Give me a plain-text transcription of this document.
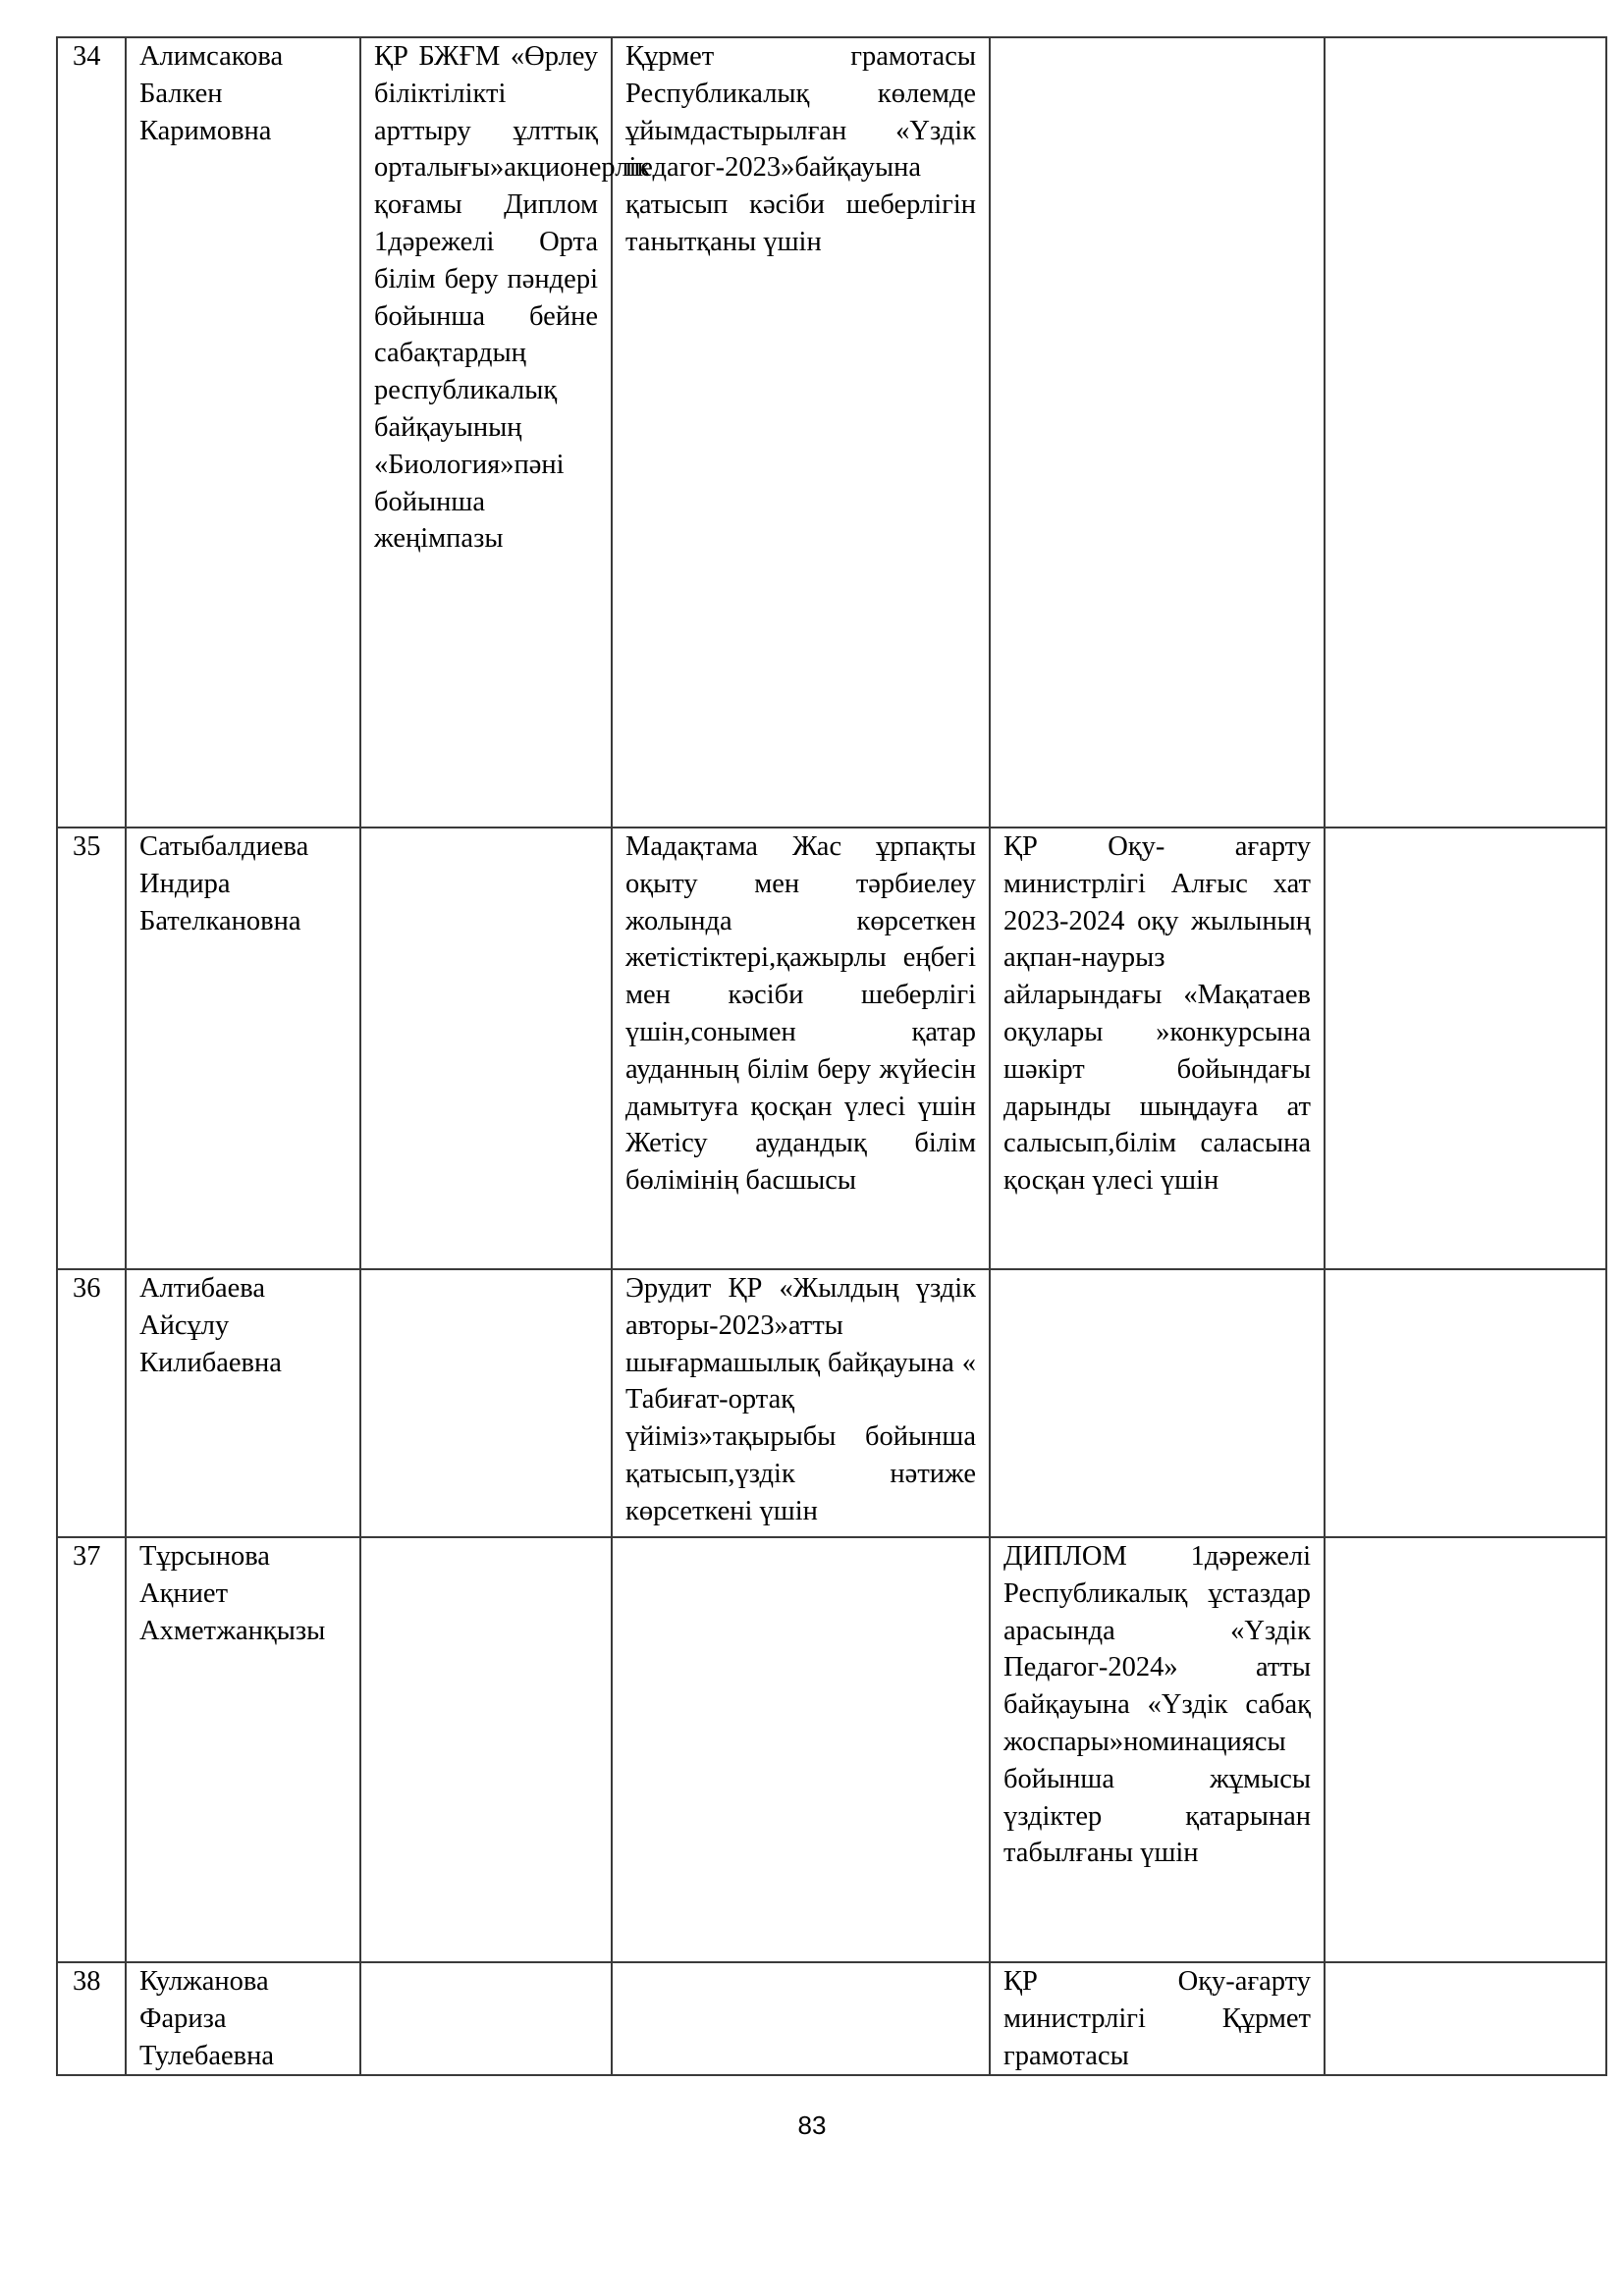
34	Алимсакова Балкен Каримовна	ҚР БЖҒМ «Өрлеу біліктілікті арттыру ұлттық орталығы»акционерлік қоғамы Диплом 1дәрежелі Орта білім беру пәндері бойынша бейне сабақтардың республикалық байқауының «Биология»пәні бойынша жеңімпазы	Құрмет грамотасы Республикалық көлемде ұйымдастырылған «Үздік педагог-2023»байқауына қатысып кәсіби шеберлігін танытқаны үшін		
35	Сатыбалдиева Индира Бателкановна		Мадақтама Жас ұрпақты оқыту мен тәрбиелеу жолында көрсеткен жетістіктері,қажырлы еңбегі мен кәсіби шеберлігі үшін,сонымен қатар ауданның білім беру жүйесін дамытуға қосқан үлесі үшін Жетісу аудандық білім бөлімінің басшысы	ҚР Оқу- ағарту министрлігі Алғыс хат 2023-2024 оқу жылының ақпан-наурыз айларындағы «Мақатаев оқулары »конкурсына шәкірт бойындағы дарынды шыңдауға ат салысып,білім саласына қосқан үлесі үшін	
36	Алтибаева Айсұлу Килибаевна		Эрудит ҚР «Жылдың үздік авторы-2023»атты шығармашылық байқауына « Табиғат-ортақ үйіміз»тақырыбы бойынша қатысып,үздік нәтиже көрсеткені үшін		
37	Тұрсынова Ақниет Ахметжанқызы			ДИПЛОМ 1дәрежелі Республикалық ұстаздар арасында «Үздік Педагог-2024» атты байқауына «Үздік сабақ жоспары»номинациясы бойынша жұмысы үздіктер қатарынан табылғаны үшін	
38	Кулжанова Фариза Тулебаевна			ҚР Оқу-ағарту министрлігі Құрмет грамотасы	
83
